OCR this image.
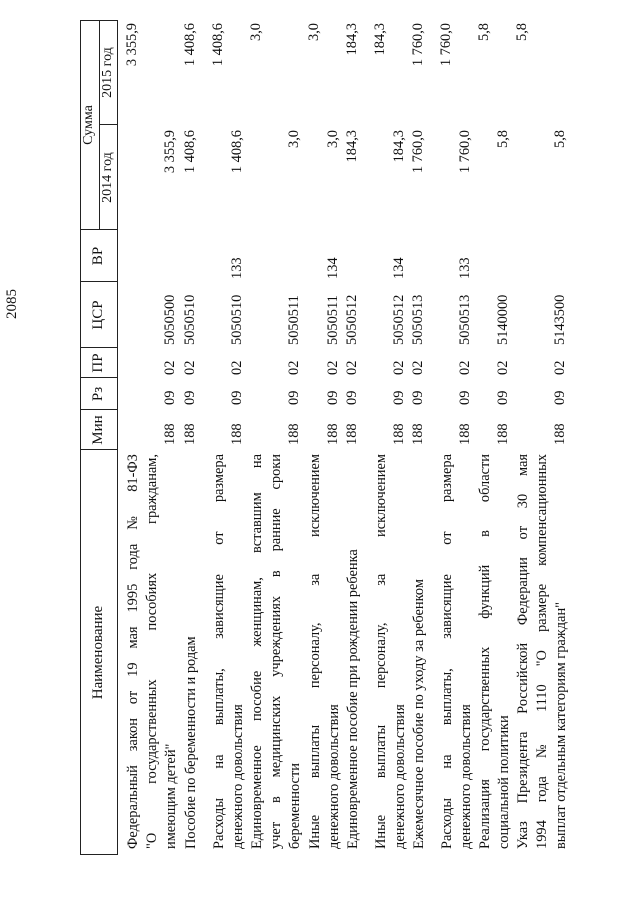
2085
Наименование
Мин
Рз
ПР
ЦСР
ВР
Сумма
2014 год
2015 год
Федеральный закон от 19 мая 1995 года № 81-ФЗ "О государственных пособиях гражданам, имеющим детей"
188
09
02
5050500
3 355,9
3 355,9
Пособие по беременности и родам
188
09
02
5050510
1 408,6
1 408,6
Расходы на выплаты, зависящие от размера денежного довольствия
188
09
02
5050510
133
1 408,6
1 408,6
Единовременное пособие женщинам, вставшим на учет в медицинских учреждениях в ранние сроки беременности
188
09
02
5050511
3,0
3,0
Иные выплаты персоналу, за исключением денежного довольствия
188
09
02
5050511
134
3,0
3,0
Единовременное пособие при рождении ребенка
188
09
02
5050512
184,3
184,3
Иные выплаты персоналу, за исключением денежного довольствия
188
09
02
5050512
134
184,3
184,3
Ежемесячное пособие по уходу за ребенком
188
09
02
5050513
1 760,0
1 760,0
Расходы на выплаты, зависящие от размера денежного довольствия
188
09
02
5050513
133
1 760,0
1 760,0
Реализация государственных функций в области социальной политики
188
09
02
5140000
5,8
5,8
Указ Президента Российской Федерации от 30 мая 1994 года № 1110 "О размере компенсационных выплат отдельным категориям граждан"
188
09
02
5143500
5,8
5,8
